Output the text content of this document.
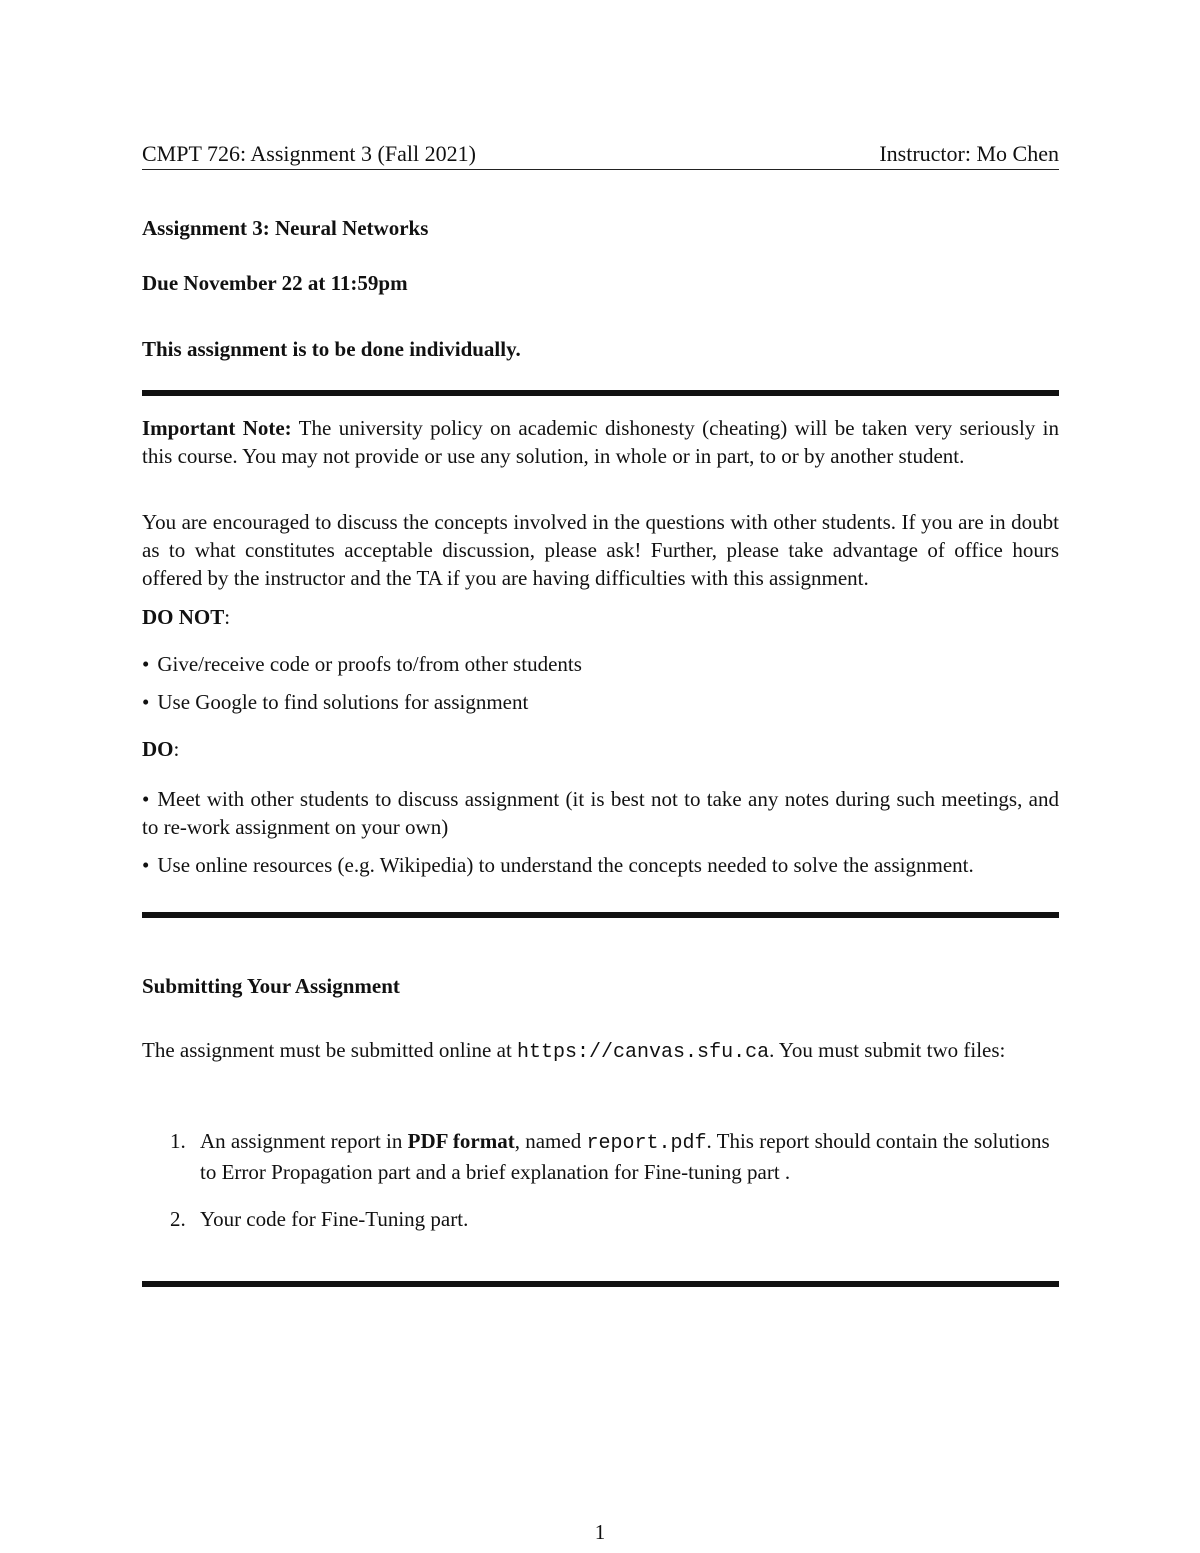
CMPT 726: Assignment 3 (Fall 2021)	Instructor: Mo Chen
Assignment 3: Neural Networks
Due November 22 at 11:59pm
This assignment is to be done individually.

Important Note: The university policy on academic dishonesty (cheating) will be taken very seriously in this course. You may not provide or use any solution, in whole or in part, to or by another student.

You are encouraged to discuss the concepts involved in the questions with other students. If you are in doubt as to what constitutes acceptable discussion, please ask! Further, please take advantage of office hours offered by the instructor and the TA if you are having difficulties with this assignment.

DO NOT:
• Give/receive code or proofs to/from other students
• Use Google to find solutions for assignment
DO:
• Meet with other students to discuss assignment (it is best not to take any notes during such meetings, and to re-work assignment on your own)
• Use online resources (e.g. Wikipedia) to understand the concepts needed to solve the assignment.
Submitting Your Assignment

The assignment must be submitted online at https://canvas.sfu.ca. You must submit two files:

1. An assignment report in PDF format, named report.pdf. This report should contain the solutions to Error Propagation part and a brief explanation for Fine-tuning part .
2. Your code for Fine-Tuning part.
1
